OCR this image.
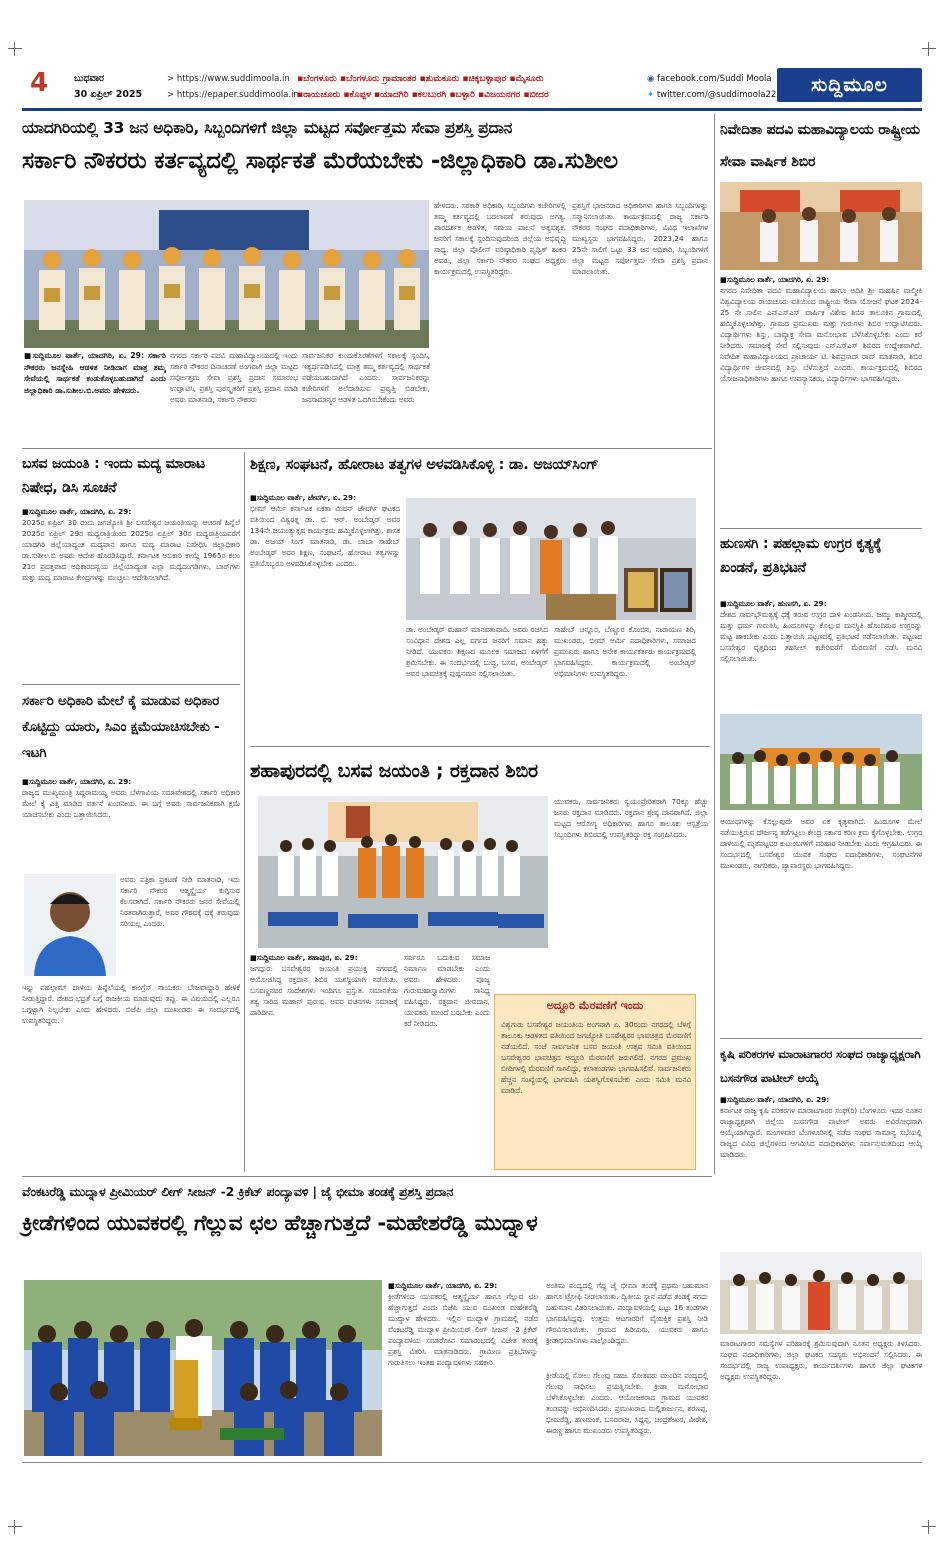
4	ಬುಧವಾರ
30 ಏಪ್ರಿಲ್ 2025
> https://www.suddimoola.in
> https://epaper.suddimoola.in
▪ಬೆಂಗಳೂರು ▪ಬೆಂಗಳೂರು ಗ್ರಾಮಾಂತರ ▪ತುಮಕೂರು ▪ಚಿಕ್ಕಬಳ್ಳಾಪುರ ▪ಮೈಸೂರು
▪ರಾಯಚೂರು ▪ಕೊಪ್ಪಳ ▪ಯಾದಗಿರಿ ▪ಕಲಬುರಗಿ ▪ಬಳ್ಳಾರಿ ▪ವಿಜಯನಗರ ▪ಬೀದರ
◉ facebook.com/Suddi Moola
✦ twitter.com/@suddimoola22	ಸುದ್ದಿಮೂಲ
ಯಾದಗಿರಿಯಲ್ಲಿ 33 ಜನ ಅಧಿಕಾರಿ, ಸಿಬ್ಬಂದಿಗಳಿಗೆ ಜಿಲ್ಲಾ ಮಟ್ಟದ ಸರ್ವೋತ್ತಮ ಸೇವಾ ಪ್ರಶಸ್ತಿ ಪ್ರದಾನ
ಸರ್ಕಾರಿ ನೌಕರರು ಕರ್ತವ್ಯದಲ್ಲಿ ಸಾರ್ಥಕತೆ ಮೆರೆಯಬೇಕು -ಜಿಲ್ಲಾಧಿಕಾರಿ ಡಾ.ಸುಶೀಲ
■ಸುದ್ದಿಮೂಲ ವಾರ್ತೆ, ಯಾದಗಿರಿ, ಏ. 29: ಸರ್ಕಾರಿ ನೌಕರರು ಜನಸ್ನೇಹಿ ಆಡಳಿತ ನೀಡಿದಾಗ ಮಾತ್ರ ತಮ್ಮ ಸೇವೆಯಲ್ಲಿ ಸಾರ್ಥಕತೆ ಕಂಡುಕೊಳ್ಳಬಹುದಾಗಿದೆ ಎಂದು ಜಿಲ್ಲಾಧಿಕಾರಿ ಡಾ.ಸುಶೀಲ.ಬಿ.ಅವರು ಹೇಳಿದರು.
ನಗರದ ಸರ್ಕಾರಿ ಪದವಿ ಮಹಾವಿದ್ಯಾಲಯದಲ್ಲಿ ಇಂದು ಸರ್ಕಾರಿ ನೌಕರರ ದಿನಾಚರಣೆ ಅಂಗವಾಗಿ ಜಿಲ್ಲಾ ಮಟ್ಟದ ಸರ್ವೋತ್ತಮ ಸೇವಾ ಪ್ರಶಸ್ತಿ ಪ್ರದಾನ ಸಮಾರಂಭ ಉದ್ಘಾಟಿಸಿ, ಪ್ರಶಸ್ತಿ ಪುರಸ್ಕೃತರಿಗೆ ಪ್ರಶಸ್ತಿ ಪ್ರದಾನ ಮಾಡಿ ಅವರು ಮಾತನಾಡಿ, ಸರ್ಕಾರಿ ನೌಕರರು
ಸಾರ್ವಜನಿಕರ ಕುಂದುಕೊರತೆಗಳಿಗೆ ಸಕಾಲಕ್ಕೆ ಸ್ಪಂದಿಸಿ, ಇತ್ಯರ್ಥಪಡಿಸಿದಲ್ಲಿ ಮಾತ್ರ ತಮ್ಮ ಕರ್ತವ್ಯದಲ್ಲಿ ಸಾರ್ಥಕತೆ ಪಡೆಯಬಹುದಾಗಿದೆ ಎಂದರು. ಸಾರ್ವಜನಿಕರನ್ನು ಕಚೇರಿಗಳಿಗೆ ಅಲೆದಾಡಿಸುವ ಪ್ರವೃತ್ತಿ ಬಿಡಬೇಕು, ಜನಸಾಮಾನ್ಯರ ಆಡಳಿತ ಒದಗಿಸಬೇಕೆಂದು ಅವರು
ಹೇಳಿದರು. ಸರಕಾರಿ ಅಧಿಕಾರಿ, ಸಿಬ್ಬಂದಿಗಳು ಕಚೇರಿಗಳಲ್ಲಿ ತಮ್ಮ ಕರ್ತವ್ಯದಲ್ಲಿ ಬದಲಾವಣೆ ತರುವುದು ಅಗತ್ಯ. ಪಾರದರ್ಶಕ ಆಡಳಿತ, ಸಮಯ ಪಾಲನೆ ಅತ್ಯವಶ್ಯಕ. ಜನರಿಗೆ ಸಕಾಲಕ್ಕೆ ಸ್ಪಂದಿಸುವುದರಿಂದ ಜಿಲ್ಲೆಯ ಅಭಿವೃದ್ಧಿ ಸಾಧ್ಯ. ಜಿಲ್ಲಾ ಪೊಲೀಸ್ ವರಿಷ್ಠಾಧಿಕಾರಿ ಪೃಥ್ವಿಕ್ ಶಂಕರ ಅವರು, ಜಿಲ್ಲಾ ಸರ್ಕಾರಿ ನೌಕರರ ಸಂಘದ ಅಧ್ಯಕ್ಷರು ಕಾರ್ಯಕ್ರಮದಲ್ಲಿ ಉಪಸ್ಥಿತರಿದ್ದರು.
ಪ್ರಶಸ್ತಿಗೆ ಭಾಜನರಾದ ಅಧಿಕಾರಿಗಳು ಹಾಗೂ ಸಿಬ್ಬಂದಿಗಳನ್ನು ಸನ್ಮಾನಿಸಲಾಯಿತು. ಕಾರ್ಯಕ್ರಮದಲ್ಲಿ ರಾಜ್ಯ ಸರ್ಕಾರಿ ನೌಕರರ ಸಂಘದ ಪದಾಧಿಕಾರಿಗಳು, ವಿವಿಧ ಇಲಾಖೆಗಳ ಮುಖ್ಯಸ್ಥರು ಭಾಗವಹಿಸಿದ್ದರು. 2023,24 ಹಾಗೂ 25ನೇ ಸಾಲಿಗೆ ಒಟ್ಟು 33 ಜನ ಅಧಿಕಾರಿ, ಸಿಬ್ಬಂದಿಗಳಿಗೆ ಜಿಲ್ಲಾ ಮಟ್ಟದ ಸರ್ವೋತ್ತಮ ಸೇವಾ ಪ್ರಶಸ್ತಿ ಪ್ರದಾನ ಮಾಡಲಾಯಿತು.
ನಿವೇದಿತಾ ಪದವಿ ಮಹಾವಿದ್ಯಾಲಯ ರಾಷ್ಟ್ರೀಯ ಸೇವಾ ವಾರ್ಷಿಕ ಶಿಬಿರ
■ಸುದ್ದಿಮೂಲ ವಾರ್ತೆ, ಯಾದಗಿರಿ, ಏ. 29:
ನಗರದ ನಿವೇದಿತಾ ಪದವಿ ಮಹಾವಿದ್ಯಾಲಯ ಹಾಗೂ ಅದಿತಿ ಶ್ರೀ ಮಹರ್ಷಿ ವಾಲ್ಮೀಕಿ ವಿಶ್ವವಿದ್ಯಾಲಯ ರಾಯಚೂರು ವತಿಯಿಂದ ರಾಷ್ಟ್ರೀಯ ಸೇವಾ ಯೋಜನೆ ಘಟಕ 2024-25 ನೇ ಸಾಲಿನ ಎನ್‌ಎಸ್‌ಎಸ್ ವಾರ್ಷಿಕ ವಿಶೇಷ ಶಿಬಿರ ತಾಲೂಕಿನ ಗ್ರಾಮದಲ್ಲಿ ಹಮ್ಮಿಕೊಳ್ಳಲಾಗಿತ್ತು. ಗ್ರಾಮದ ಪ್ರಮುಖರು ಮತ್ತು ಗುರುಗಳು ಶಿಬಿರ ಉದ್ಘಾಟಿಸಿದರು. ವಿದ್ಯಾರ್ಥಿಗಳು ಶಿಸ್ತು, ಬಾವ್ಯಾಕ್ತ ಸೇವಾ ಮನೋಭಾವ ಬೆಳೆಸಿಕೊಳ್ಳಬೇಕು ಎಂದು ಕರೆ ನೀಡಿದರು. ಸಮಾಜಕ್ಕೆ ಸೇವೆ ಸಲ್ಲಿಸುವುದು ಎನ್‌ಎಸ್‌ಎಸ್ ಶಿಬಿರದ ಉದ್ದೇಶವಾಗಿದೆ. ನಿವೇದಿತ ಮಹಾವಿದ್ಯಾಲಯದ ಪ್ರಾಚಾರ್ಯ ಟಿ. ಶಿವಪ್ರಸಾದ್ ರಾವ್ ಮಾತನಾಡಿ, ಶಿಬಿರ ವಿದ್ಯಾರ್ಥಿಗಳ ಜೀವನದಲ್ಲಿ ಶಿಸ್ತು ಬೆಳೆಸುತ್ತದೆ ಎಂದರು. ಕಾರ್ಯಕ್ರಮದಲ್ಲಿ ಶಿಬಿರದ ಯೋಜನಾಧಿಕಾರಿಗಳು ಹಾಗೂ ಉಪನ್ಯಾಸಕರು, ವಿದ್ಯಾರ್ಥಿಗಳು ಭಾಗವಹಿಸಿದ್ದರು.
ಬಸವ ಜಯಂತಿ : ಇಂದು ಮದ್ಯ ಮಾರಾಟ ನಿಷೇಧ, ಡಿಸಿ ಸೂಚನೆ
■ಸುದ್ದಿಮೂಲ ವಾರ್ತೆ, ಯಾದಗಿರಿ, ಏ. 29:
2025ರ ಏಪ್ರಿಲ್ 30 ರಂದು ಜಗಜ್ಯೋತಿ ಶ್ರೀ ಬಸವೇಶ್ವರ ಜಯಂತಿಯನ್ನು ಆಚರಣೆ ಹಿನ್ನೆಲೆ 2025ರ ಏಪ್ರಿಲ್ 29ರ ಮಧ್ಯರಾತ್ರಿಯಿಂದ 2025ರ ಏಪ್ರಿಲ್ 30ರ ಮಧ್ಯರಾತ್ರಿಯವರೆಗೆ ಯಾದಗಿರಿ ಜಿಲ್ಲೆಯಾದ್ಯಂತ ಮದ್ಯಪಾನ ಹಾಗೂ ಮದ್ಯ ಮಾರಾಟ ನಿಷೇಧಿಸಿ ಜಿಲ್ಲಾಧಿಕಾರಿ ಡಾ.ಸುಶೀಲ.ಬಿ ಅವರು ಆದೇಶ ಹೊರಡಿಸಿದ್ದಾರೆ. ಕರ್ನಾಟಕ ಅಬಕಾರಿ ಕಾಯ್ದೆ 1965ರ ಕಲಂ 21ರ ಪ್ರದತ್ತವಾದ ಅಧಿಕಾರದನ್ವಯ ಜಿಲ್ಲೆಯಾದ್ಯಂತ ಎಲ್ಲಾ ಮದ್ಯದಂಗಡಿಗಳು, ಬಾರ್‌ಗಳು ಮತ್ತು ಮದ್ಯ ಮಾರಾಟ ಕೇಂದ್ರಗಳನ್ನು ಮುಚ್ಚಲು ಆದೇಶಿಸಲಾಗಿದೆ.
ಸರ್ಕಾರಿ ಅಧಿಕಾರಿ ಮೇಲೆ ಕೈ ಮಾಡುವ ಅಧಿಕಾರ ಕೊಟ್ಟಿದ್ದು ಯಾರು, ಸಿಎಂ ಕ್ಷಮೆಯಾಚಿಸಬೇಕು - ಇಟಗಿ
■ಸುದ್ದಿಮೂಲ ವಾರ್ತೆ, ಯಾದಗಿರಿ, ಏ. 29:
ರಾಜ್ಯದ ಮುಖ್ಯಮಂತ್ರಿ ಸಿದ್ದರಾಮಯ್ಯ ಅವರು ಬೆಳಗಾವಿಯ ಸಮಾವೇಶದಲ್ಲಿ ಸರ್ಕಾರಿ ಅಧಿಕಾರಿ ಮೇಲೆ ಕೈ ಎತ್ತಿ ಮಾಡಿದ ವರ್ತನೆ ಖಂಡನೀಯ. ಈ ಬಗ್ಗೆ ಅವರು ಸಾರ್ವಜನಿಕವಾಗಿ ಕ್ಷಮೆ ಯಾಚಿಸಬೇಕು ಎಂದು ಒತ್ತಾಯಿಸಿದರು.
ಅವರು ಪತ್ರಿಕಾ ಪ್ರಕಟಣೆ ನೀಡಿ ಮಾತನಾಡಿ, ಇದು ಸರ್ಕಾರಿ ನೌಕರರ ಆತ್ಮಸ್ಥೈರ್ಯ ಕುಗ್ಗಿಸುವ ಕೆಲಸವಾಗಿದೆ. ಸರ್ಕಾರಿ ನೌಕರರು ಜನರ ಸೇವೆಯಲ್ಲಿ ನಿರತರಾಗಿರುತ್ತಾರೆ, ಅವರ ಗೌರವಕ್ಕೆ ಧಕ್ಕೆ ತರುವುದು ಸರಿಯಲ್ಲ ಎಂದರು.
ಇನ್ನು ಪಹಲ್ಗಾಮ್ ದಾಳಿಯ ಹಿನ್ನೆಲೆಯಲ್ಲಿ ಕಾಂಗ್ರೆಸ್ ನಾಯಕರು ಬೇಜವಾಬ್ದಾರಿ ಹೇಳಿಕೆ ನೀಡುತ್ತಿದ್ದಾರೆ. ದೇಶದ ಭದ್ರತೆ ಬಗ್ಗೆ ರಾಜಕೀಯ ಮಾಡುವುದು ತಪ್ಪು. ಈ ವಿಷಯದಲ್ಲಿ ಎಲ್ಲರೂ ಒಗ್ಗಟ್ಟಾಗಿ ನಿಲ್ಲಬೇಕು ಎಂದು ಹೇಳಿದರು. ಬಿಜೆಪಿ ಜಿಲ್ಲಾ ಮುಖಂಡರು ಈ ಸಂದರ್ಭದಲ್ಲಿ ಉಪಸ್ಥಿತರಿದ್ದರು.
ಶಿಕ್ಷಣ, ಸಂಘಟನೆ, ಹೋರಾಟ ತತ್ವಗಳ ಅಳವಡಿಸಿಕೊಳ್ಳಿ : ಡಾ. ಅಜಯ್‌ಸಿಂಗ್
■ಸುದ್ದಿಮೂಲ ವಾರ್ತೆ, ಜೇವರ್ಗಿ, ಏ. 29:
ಭೀಮ್ ಆರ್ಮಿ ಕರ್ನಾಟಕ ಏಕತಾ ಮಿಷನ್ ಜೇವರ್ಗಿ ಘಟಕದ ವತಿಯಿಂದ ವಿಶ್ವರತ್ನ ಡಾ. ಬಿ. ಆರ್. ಅಂಬೇಡ್ಕರ್ ಅವರ 134ನೇ ಜಯಂತ್ಯುತ್ಸವ ಕಾರ್ಯಕ್ರಮ ಹಮ್ಮಿಕೊಳ್ಳಲಾಗಿತ್ತು. ಶಾಸಕ ಡಾ. ಅಜಯ್ ಸಿಂಗ್ ಮಾತನಾಡಿ, ಡಾ. ಬಾಬಾ ಸಾಹೇಬ್ ಅಂಬೇಡ್ಕರ್ ಅವರ ಶಿಕ್ಷಣ, ಸಂಘಟನೆ, ಹೋರಾಟ ತತ್ವಗಳನ್ನು ಪ್ರತಿಯೊಬ್ಬರೂ ಅಳವಡಿಸಿಕೊಳ್ಳಬೇಕು ಎಂದರು.
ಡಾ. ಅಂಬೇಡ್ಕರ್ ಮಹಾನ್ ಮಾನವತಾವಾದಿ. ಅವರು ರಚಿಸಿದ ಸಂವಿಧಾನ ದೇಶದ ಎಲ್ಲ ವರ್ಗದ ಜನರಿಗೆ ಸಮಾನ ಹಕ್ಕು ನೀಡಿದೆ. ಯುವಕರು ಶಿಕ್ಷಣದ ಮೂಲಕ ಸಮಾಜದ ಏಳಿಗೆಗೆ ಶ್ರಮಿಸಬೇಕು. ಈ ಸಂದರ್ಭದಲ್ಲಿ ಬುದ್ಧ, ಬಸವ, ಅಂಬೇಡ್ಕರ್ ಅವರ ಭಾವಚಿತ್ರಕ್ಕೆ ಪುಷ್ಪನಮನ ಸಲ್ಲಿಸಲಾಯಿತು.
ಸಾಹೇಬ್ ಚನ್ನೂರ, ಬೆಣ್ಣೂರ ಕೊಂಬಿನ, ನಾರಾಯಣ ಶಿರಿ, ಮುಖಂಡರು, ಭೀಮ್ ಆರ್ಮಿ ಪದಾಧಿಕಾರಿಗಳು, ಸಮಾಜದ ಪ್ರಮುಖರು ಹಾಗೂ ಅನೇಕ ಕಾರ್ಯಕರ್ತರು ಕಾರ್ಯಕ್ರಮದಲ್ಲಿ ಭಾಗವಹಿಸಿದ್ದರು. ಕಾರ್ಯಕ್ರಮದಲ್ಲಿ ಅಂಬೇಡ್ಕರ್ ಅಭಿಮಾನಿಗಳು ಉಪಸ್ಥಿತರಿದ್ದರು.
ಹುಣಸಗಿ : ಪಹಲ್ಗಾಮ ಉಗ್ರರ ಕೃತ್ಯಕ್ಕೆ ಖಂಡನೆ, ಪ್ರತಿಭಟನೆ
■ಸುದ್ದಿಮೂಲ ವಾರ್ತೆ, ಹುಣಸಗಿ, ಏ. 29:
ದೇಶದ ಸಾರ್ವಭೌಮತ್ವಕ್ಕೆ ಧಕ್ಕೆ ತರುವ ಉಗ್ರರ ದಾಳಿ ಖಂಡನೀಯ. ಜಮ್ಮು ಕಾಶ್ಮೀರದಲ್ಲಿ ಮತ್ತು ಧರ್ಮ ಗುರುತಿಸಿ, ಹಿಂದೂಗಳನ್ನು ಕೊಲ್ಲುವ ಮನಸ್ಥಿತಿ ಹೊಂದಿರುವ ಉಗ್ರರನ್ನು ಮಟ್ಟ ಹಾಕಬೇಕು ಎಂದು ಒತ್ತಾಯಿಸಿ ಪಟ್ಟಣದಲ್ಲಿ ಪ್ರತಿಭಟನೆ ನಡೆಸಲಾಯಿತು. ಪಟ್ಟಣದ ಬಸವೇಶ್ವರ ವೃತ್ತದಿಂದ ತಹಸೀಲ್ ಕಚೇರಿವರೆಗೆ ಮೆರವಣಿಗೆ ನಡೆಸಿ ಮನವಿ ಸಲ್ಲಿಸಲಾಯಿತು.
ಆಯುಧಗಳನ್ನು ಕೊಲ್ಲುವುದೇ ಅವರ ಏಕ ಕೃತ್ಯವಾಗಿದೆ. ಹಿಂದೂಗಳ ಮೇಲೆ ನಡೆಯುತ್ತಿರುವ ದೌರ್ಜನ್ಯ ತಡೆಗಟ್ಟಲು ಕೇಂದ್ರ ಸರ್ಕಾರ ಕಠಿಣ ಕ್ರಮ ಕೈಗೊಳ್ಳಬೇಕು. ಉಗ್ರರ ದಾಳಿಯಲ್ಲಿ ಮೃತಪಟ್ಟವರ ಕುಟುಂಬಗಳಿಗೆ ಪರಿಹಾರ ನೀಡಬೇಕು ಎಂದು ಆಗ್ರಹಿಸಿದರು. ಈ ಸಂದರ್ಭದಲ್ಲಿ ಬಸವೇಶ್ವರ ಯುವಕ ಸಂಘದ ಪದಾಧಿಕಾರಿಗಳು, ಸಂಘಟನೆಗಳ ಮುಖಂಡರು, ನಾಗರಿಕರು, ವ್ಯಾಪಾರಸ್ಥರು ಭಾಗವಹಿಸಿದ್ದರು.
ಶಹಾಪುರದಲ್ಲಿ ಬಸವ ಜಯಂತಿ ; ರಕ್ತದಾನ ಶಿಬಿರ
ಯುವಕರು, ಸಾರ್ವಜನಿಕರು ಸ್ವಯಂಪ್ರೇರಿತರಾಗಿ 70ಕ್ಕೂ ಹೆಚ್ಚು ಜನರು ರಕ್ತದಾನ ಮಾಡಿದರು. ರಕ್ತದಾನ ಶ್ರೇಷ್ಠ ದಾನವಾಗಿದೆ. ಜಿಲ್ಲಾ ಮಟ್ಟದ ಆರೋಗ್ಯ ಅಧಿಕಾರಿಗಳು ಹಾಗೂ ತಾಲೂಕು ಆಸ್ಪತ್ರೆಯ ಸಿಬ್ಬಂದಿಗಳು ಶಿಬಿರದಲ್ಲಿ ಉಪಸ್ಥಿತರಿದ್ದು ರಕ್ತ ಸಂಗ್ರಹಿಸಿದರು.
■ಸುದ್ದಿಮೂಲ ವಾರ್ತೆ, ಶಹಾಪುರ, ಏ. 29:
ಜಗದ್ಗುರು ಬಸವೇಶ್ವರರ ಜಯಂತಿ ಪ್ರಯುಕ್ತ ನಗರದಲ್ಲಿ ಆಯೋಜಿಸಿದ್ದ ರಕ್ತದಾನ ಶಿಬಿರ ಯಶಸ್ವಿಯಾಗಿ ನಡೆಯಿತು. ಬಸವಣ್ಣನವರ ಸಂದೇಶಗಳು ಇಂದಿಗೂ ಪ್ರಸ್ತುತ. ಸಮಾನತೆಯ ತತ್ವ ಸಾರಿದ ಮಹಾನ್ ಪುರುಷ. ಅವರ ವಚನಗಳು ಸಮಾಜಕ್ಕೆ ದಾರಿದೀಪ.
ಸರ್ವರೂ ಬದುಕುವ ಸಮಾಜ ನಿರ್ಮಾಣ ಮಾಡಬೇಕು ಎಂದು ಅವರು ಹೇಳಿದರು. ಪೂಜ್ಯ ಗುರುಮಹಾಸ್ವಾಮಿಗಳು ಸಾನಿಧ್ಯ ವಹಿಸಿದ್ದರು. ರಕ್ತದಾನ ಜೀವದಾನ, ಯುವಕರು ಮುಂದೆ ಬರಬೇಕು ಎಂದು ಕರೆ ನೀಡಿದರು.
ಅದ್ದೂರಿ ಮೆರವಣಿಗೆ ಇಂದು
ವಿಶ್ವಗುರು ಬಸವೇಶ್ವರ ಜಯಂತಿಯ ಅಂಗವಾಗಿ ಏ. 30ರಂದು ನಗರದಲ್ಲಿ ಬೆಳಿಗ್ಗೆ ತಾಲೂಕು ಆಡಳಿತದ ವತಿಯಿಂದ ಜಗಜ್ಯೋತಿ ಬಸವೇಶ್ವರರ ಭಾವಚಿತ್ರದ ಮೆರವಣಿಗೆ ನಡೆಯಲಿದೆ. ಸಂಜೆ ಸಾರ್ವಜನಿಕ ಬಸವ ಜಯಂತಿ ಉತ್ಸವ ಸಮಿತಿ ವತಿಯಿಂದ ಬಸವೇಶ್ವರರ ಭಾವಚಿತ್ರದ ಅದ್ದೂರಿ ಮೆರವಣಿಗೆ ಜರುಗಲಿದೆ. ನಗರದ ಪ್ರಮುಖ ಬೀದಿಗಳಲ್ಲಿ ಮೆರವಣಿಗೆ ಸಾಗಲಿದ್ದು, ಕಲಾತಂಡಗಳು ಭಾಗವಹಿಸಲಿವೆ. ಸಾರ್ವಜನಿಕರು ಹೆಚ್ಚಿನ ಸಂಖ್ಯೆಯಲ್ಲಿ ಭಾಗವಹಿಸಿ ಯಶಸ್ವಿಗೊಳಿಸಬೇಕು ಎಂದು ಸಮಿತಿ ಮನವಿ ಮಾಡಿದೆ.
ಕೃಷಿ ಪರಿಕರಗಳ ಮಾರಾಟಗಾರರ ಸಂಘದ ರಾಜ್ಯಾಧ್ಯಕ್ಷರಾಗಿ ಬಸನಗೌಡ ಪಾಟೀಲ್ ಆಯ್ಕೆ
■ಸುದ್ದಿಮೂಲ ವಾರ್ತೆ, ಯಾದಗಿರಿ, ಏ. 29:
ಕರ್ನಾಟಕ ರಾಜ್ಯ ಕೃಷಿ ಪರಿಕರಗಳ ಮಾರಾಟಗಾರರ ಸಂಘ(ರಿ) ಬೆಂಗಳೂರು ಇದರ ನೂತನ ರಾಜ್ಯಾಧ್ಯಕ್ಷರಾಗಿ ಜಿಲ್ಲೆಯ ಬಸನಗೌಡ ಪಾಟೀಲ್ ಅವರು ಅವಿರೋಧವಾಗಿ ಆಯ್ಕೆಯಾಗಿದ್ದಾರೆ. ಮಂಗಳವಾರ ಬೆಂಗಳೂರಿನಲ್ಲಿ ನಡೆದ ಸಂಘದ ಸಾಮಾನ್ಯ ಸಭೆಯಲ್ಲಿ ರಾಜ್ಯದ ವಿವಿಧ ಜಿಲ್ಲೆಗಳಿಂದ ಆಗಮಿಸಿದ ಪದಾಧಿಕಾರಿಗಳು ಸರ್ವಾನುಮತದಿಂದ ಆಯ್ಕೆ ಮಾಡಿದರು.
ಮಾರಾಟಗಾರರ ಸಮಸ್ಯೆಗಳ ಪರಿಹಾರಕ್ಕೆ ಶ್ರಮಿಸುವುದಾಗಿ ನೂತನ ಅಧ್ಯಕ್ಷರು ತಿಳಿಸಿದರು. ಸಂಘದ ಪದಾಧಿಕಾರಿಗಳು, ಜಿಲ್ಲಾ ಘಟಕದ ಸದಸ್ಯರು ಅಭಿನಂದನೆ ಸಲ್ಲಿಸಿದರು. ಈ ಸಂದರ್ಭದಲ್ಲಿ ರಾಜ್ಯ ಉಪಾಧ್ಯಕ್ಷರು, ಕಾರ್ಯದರ್ಶಿಗಳು ಹಾಗೂ ಜಿಲ್ಲಾ ಘಟಕಗಳ ಅಧ್ಯಕ್ಷರು ಉಪಸ್ಥಿತರಿದ್ದರು.
ವೆಂಕಟರೆಡ್ಡಿ ಮುದ್ನಾಳ ಪ್ರೀಮಿಯರ್ ಲೀಗ್ ಸೀಜನ್ -2 ಕ್ರಿಕೆಟ್ ಪಂದ್ಯಾವಳಿ | ಜೈ ಭೀಮಾ ತಂಡಕ್ಕೆ ಪ್ರಶಸ್ತಿ ಪ್ರದಾನ
ಕ್ರೀಡೆಗಳಿಂದ ಯುವಕರಲ್ಲಿ ಗೆಲ್ಲುವ ಛಲ ಹೆಚ್ಚಾಗುತ್ತದೆ -ಮಹೇಶರೆಡ್ಡಿ ಮುದ್ನಾಳ
■ಸುದ್ದಿಮೂಲ ವಾರ್ತೆ, ಯಾದಗಿರಿ, ಏ. 29:
ಕ್ರೀಡೆಗಳಿಂದ ಯುವಕರಲ್ಲಿ ಆತ್ಮಸ್ಥೈರ್ಯ ಹಾಗೂ ಗೆಲ್ಲುವ ಛಲ ಹೆಚ್ಚಾಗುತ್ತದೆ ಎಂದು ಬಿಜೆಪಿ ಯುವ ಮುಖಂಡ ಮಹೇಶರೆಡ್ಡಿ ಮುದ್ನಾಳ ಹೇಳಿದರು. ಇಲ್ಲಿನ ಮುದ್ನಾಳ ಗ್ರಾಮದಲ್ಲಿ ನಡೆದ ವೆಂಕಟರೆಡ್ಡಿ ಮುದ್ನಾಳ ಪ್ರೀಮಿಯರ್ ಲೀಗ್ ಸೀಜನ್ -2 ಕ್ರಿಕೆಟ್ ಪಂದ್ಯಾವಳಿಯ ಸಮಾರೋಪ ಸಮಾರಂಭದಲ್ಲಿ ವಿಜೇತ ತಂಡಕ್ಕೆ ಪ್ರಶಸ್ತಿ ವಿತರಿಸಿ ಮಾತನಾಡಿದರು. ಗ್ರಾಮೀಣ ಪ್ರತಿಭೆಗಳನ್ನು ಗುರುತಿಸಲು ಇಂತಹ ಪಂದ್ಯಾವಳಿಗಳು ಸಹಕಾರಿ.
ಅಂತಿಮ ಪಂದ್ಯದಲ್ಲಿ ಗೆದ್ದ ಜೈ ಭೀಮಾ ತಂಡಕ್ಕೆ ಪ್ರಥಮ ಬಹುಮಾನ ಹಾಗೂ ಟ್ರೋಫಿ ನೀಡಲಾಯಿತು. ದ್ವಿತೀಯ ಸ್ಥಾನ ಪಡೆದ ತಂಡಕ್ಕೆ ನಗದು ಬಹುಮಾನ ವಿತರಿಸಲಾಯಿತು. ಪಂದ್ಯಾವಳಿಯಲ್ಲಿ ಒಟ್ಟು 16 ತಂಡಗಳು ಭಾಗವಹಿಸಿದ್ದವು. ಉತ್ತಮ ಆಟಗಾರರಿಗೆ ವೈಯಕ್ತಿಕ ಪ್ರಶಸ್ತಿ ನೀಡಿ ಗೌರವಿಸಲಾಯಿತು. ಗ್ರಾಮದ ಹಿರಿಯರು, ಯುವಕರು ಹಾಗೂ ಕ್ರೀಡಾಭಿಮಾನಿಗಳು ಪಾಲ್ಗೊಂಡಿದ್ದರು.
ಕ್ರೀಡೆಯಲ್ಲಿ ಸೋಲು ಗೆಲುವು ಸಹಜ. ಸೋತವರು ಮುಂದಿನ ಪಂದ್ಯದಲ್ಲಿ ಗೆಲುವು ಸಾಧಿಸಲು ಪ್ರಯತ್ನಿಸಬೇಕು. ಕ್ರೀಡಾ ಮನೋಭಾವ ಬೆಳೆಸಿಕೊಳ್ಳಬೇಕು ಎಂದರು. ಆಯೋಜಕರಾದ ಗ್ರಾಮದ ಯುವಕರ ತಂಡವನ್ನು ಅಭಿನಂದಿಸಿದರು. ಪ್ರಮುಖರಾದ ಮಲ್ಲಿಕಾರ್ಜುನ, ಶರಣಪ್ಪ, ಭೀಮರೆಡ್ಡಿ, ಹಣಮಂತ, ಬಸವರಾಜ, ಸಿದ್ದಪ್ಪ, ಚಂದ್ರಶೇಖರ, ವೀರೇಶ, ಈರಣ್ಣ ಹಾಗೂ ಮುಖಂಡರು ಉಪಸ್ಥಿತರಿದ್ದರು.
